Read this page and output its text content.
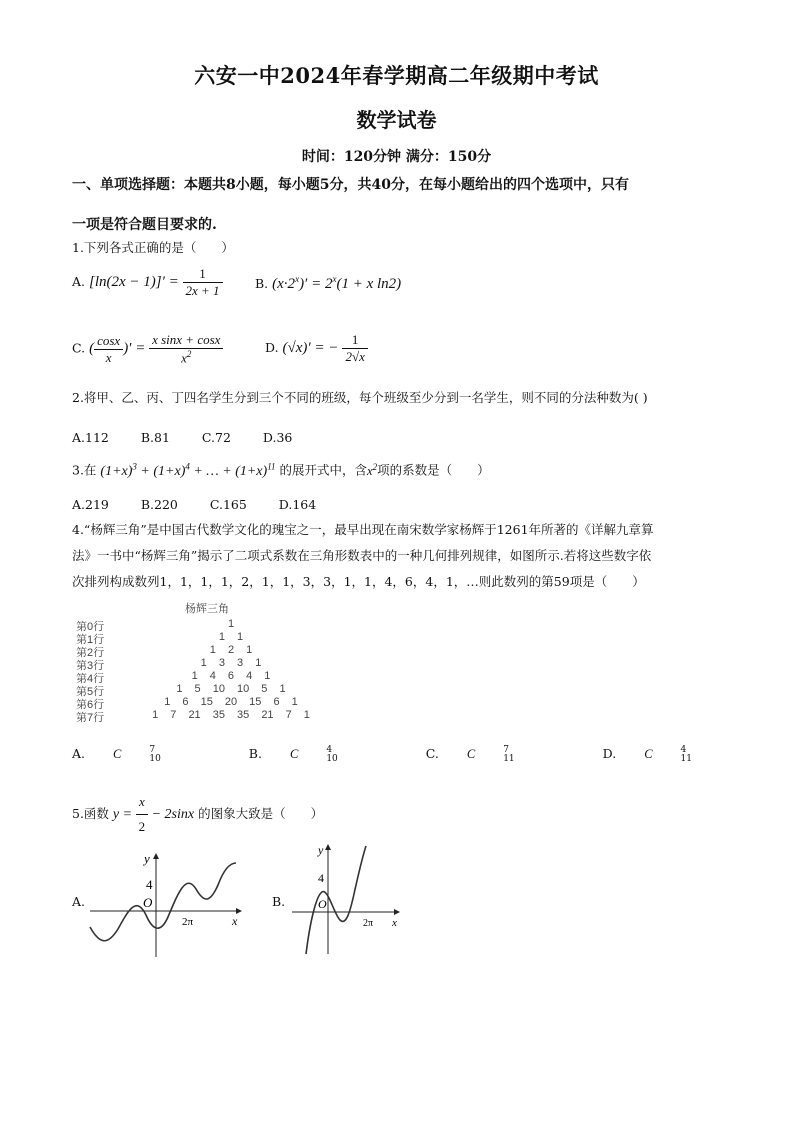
六安一中2024年春学期高二年级期中考试
数学试卷
时间：120分钟 满分：150分
一、单项选择题：本题共8小题，每小题5分，共40分，在每小题给出的四个选项中，只有
一项是符合题目要求的.
1.下列各式正确的是（　　）
A. $[\ln(2x - 1)]' = \frac{1}{2x + 1}$	B. $(x\cdot 2^x)' = 2^x(1 + x$ ln2)
C. ( $\frac{\cos x}{x}$ )′ = $\frac{\text{x sinx + cosx}}{x^2}$	D. (√x)′ = − $\frac{1}{2√x}$
2.将甲、乙、丙、丁四名学生分到三个不同的班级，每个班级至少分到一名学生，则不同的分法种数为( )
A.112	B.81	C.72	D.36
3.在 $(1+x)^3 + (1+x)^4$ + … + $(1+x)^{11}$ 的展开式中，含$x^2$项的系数是（　　）
A.219	B.220	C.165	D.164
4.“杨辉三角”是中国古代数学文化的瑰宝之一，最早出现在南宋数学家杨辉于1261年所著的《详解九章算
法》一书中“杨辉三角”揭示了二项式系数在三角形数表中的一种几何排列规律，如图所示.若将这些数字依
次排列构成数列1，1，1，1，2，1，1，3，3，1，1，4，6，4，1，…则此数列的第59项是（　　）
杨辉三角
第0行	1
第1行	1 1
第2行	1 2 1
第3行	1 3 3 1
第4行	1 4 6 4 1
第5行	1 5 10 10 5 1
第6行	1 6 15 20 15 6 1
第7行	1 7 21 35 35 21 7 1
A. C	7
10	B. C	4
10	C. C	7
11	D. C	4
11
5.函数 $y = \frac{x}{2} - 2\sin x$ 的图象大致是（　　）
A.
y
4
O
2π	x
B.
y
4
O
2π x
